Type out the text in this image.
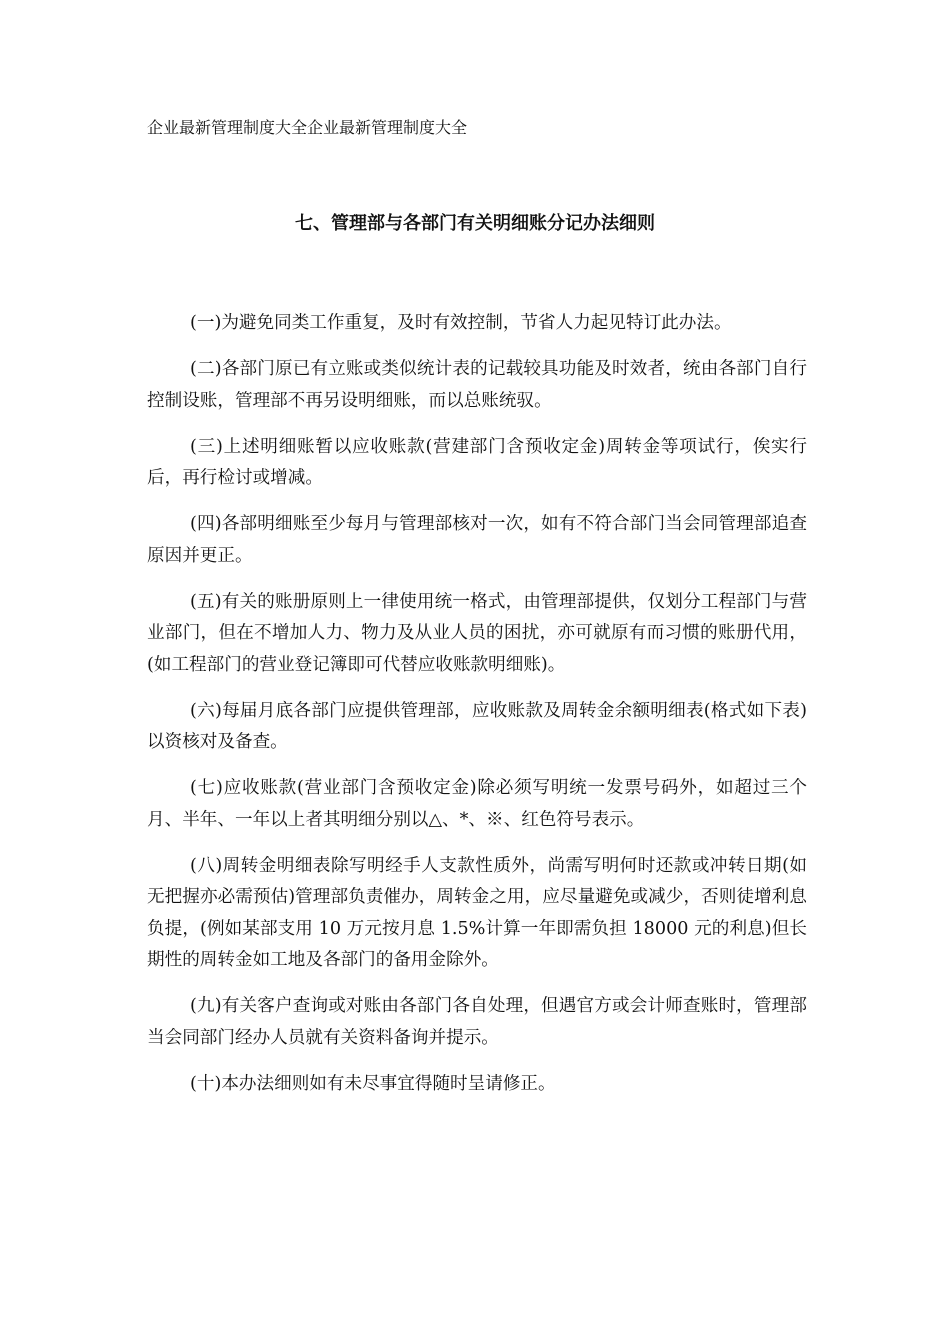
企业最新管理制度大全企业最新管理制度大全
七、管理部与各部门有关明细账分记办法细则

(一)为避免同类工作重复，及时有效控制，节省人力起见特订此办法。

(二)各部门原已有立账或类似统计表的记载较具功能及时效者，统由各部门自行控制设账，管理部不再另设明细账，而以总账统驭。

(三)上述明细账暂以应收账款(营建部门含预收定金)周转金等项试行，俟实行后，再行检讨或增减。

(四)各部明细账至少每月与管理部核对一次，如有不符合部门当会同管理部追查原因并更正。

(五)有关的账册原则上一律使用统一格式，由管理部提供，仅划分工程部门与营业部门，但在不增加人力、物力及从业人员的困扰，亦可就原有而习惯的账册代用，(如工程部门的营业登记簿即可代替应收账款明细账)。

(六)每届月底各部门应提供管理部，应收账款及周转金余额明细表(格式如下表)以资核对及备查。

(七)应收账款(营业部门含预收定金)除必须写明统一发票号码外，如超过三个月、半年、一年以上者其明细分别以△、*、※、红色符号表示。

(八)周转金明细表除写明经手人支款性质外，尚需写明何时还款或冲转日期(如无把握亦必需预估)管理部负责催办，周转金之用，应尽量避免或减少，否则徒增利息负提，(例如某部支用 10 万元按月息 1.5%计算一年即需负担 18000 元的利息)但长期性的周转金如工地及各部门的备用金除外。

(九)有关客户查询或对账由各部门各自处理，但遇官方或会计师查账时，管理部当会同部门经办人员就有关资料备询并提示。

(十)本办法细则如有未尽事宜得随时呈请修正。
